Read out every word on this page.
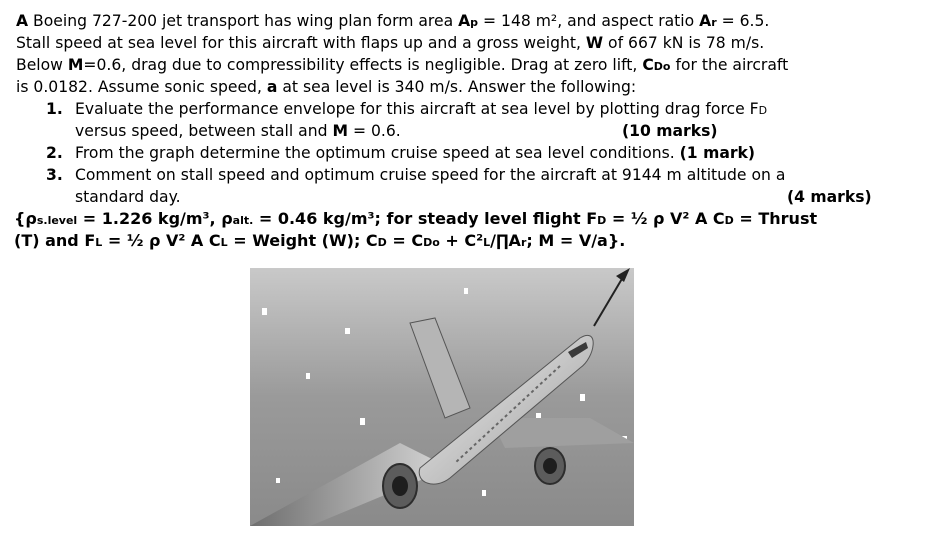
A Boeing 727-200 jet transport has wing plan form area Ap = 148 m², and aspect ratio Ar = 6.5.
Stall speed at sea level for this aircraft with flaps up and a gross weight, W of 667 kN is 78 m/s.
Below M=0.6, drag due to compressibility effects is negligible. Drag at zero lift, CDo for the aircraft
is 0.0182. Assume sonic speed, a at sea level is 340 m/s. Answer the following:
1. Evaluate the performance envelope for this aircraft at sea level by plotting drag force FD
versus speed, between stall and M = 0.6.	(10 marks)
2. From the graph determine the optimum cruise speed at sea level conditions. (1 mark)
3. Comment on stall speed and optimum cruise speed for the aircraft at 9144 m altitude on a
standard day.	(4 marks)
{ρs.level = 1.226 kg/m³, ρalt. = 0.46 kg/m³; for steady level flight FD = ½ ρ V² A CD = Thrust
(T) and FL = ½ ρ V² A CL = Weight (W); CD = CDo + C²L/∏Ar; M = V/a}.
